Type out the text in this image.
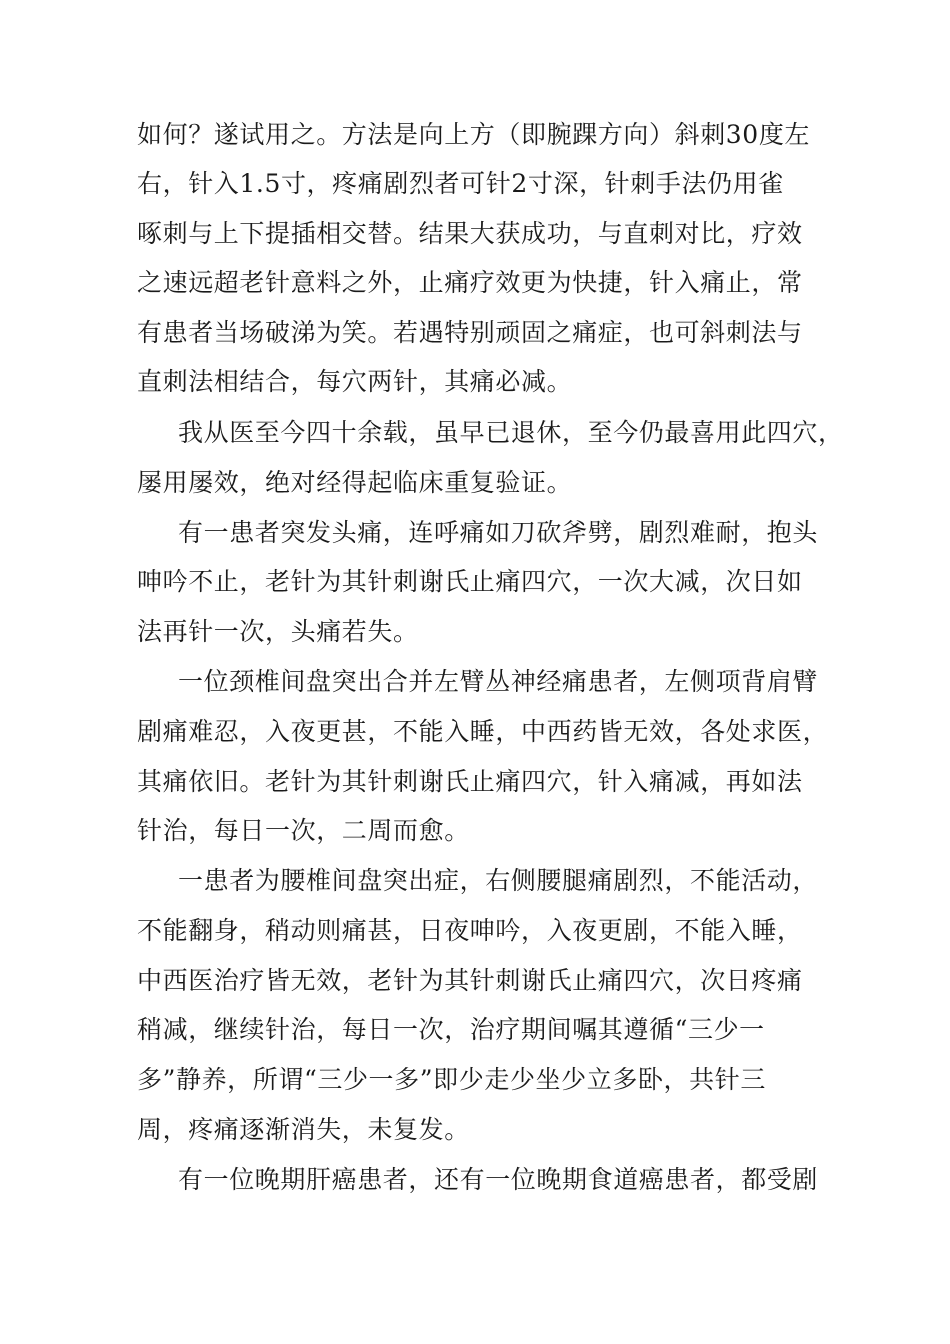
如何？遂试用之。方法是向上方（即腕踝方向）斜刺30度左
右，针入1.5寸，疼痛剧烈者可针2寸深，针刺手法仍用雀
啄刺与上下提插相交替。结果大获成功，与直刺对比，疗效
之速远超老针意料之外，止痛疗效更为快捷，针入痛止，常
有患者当场破涕为笑。若遇特别顽固之痛症，也可斜刺法与
直刺法相结合，每穴两针，其痛必减。
我从医至今四十余载，虽早已退休，至今仍最喜用此四穴，
屡用屡效，绝对经得起临床重复验证。
有一患者突发头痛，连呼痛如刀砍斧劈，剧烈难耐，抱头
呻吟不止，老针为其针刺谢氏止痛四穴，一次大减，次日如
法再针一次，头痛若失。
一位颈椎间盘突出合并左臂丛神经痛患者，左侧项背肩臂
剧痛难忍，入夜更甚，不能入睡，中西药皆无效，各处求医，
其痛依旧。老针为其针刺谢氏止痛四穴，针入痛减，再如法
针治，每日一次，二周而愈。
一患者为腰椎间盘突出症，右侧腰腿痛剧烈，不能活动，
不能翻身，稍动则痛甚，日夜呻吟，入夜更剧，不能入睡，
中西医治疗皆无效，老针为其针刺谢氏止痛四穴，次日疼痛
稍减，继续针治，每日一次，治疗期间嘱其遵循“三少一
多”静养，所谓“三少一多”即少走少坐少立多卧，共针三
周，疼痛逐渐消失，未复发。
有一位晚期肝癌患者，还有一位晚期食道癌患者，都受剧
